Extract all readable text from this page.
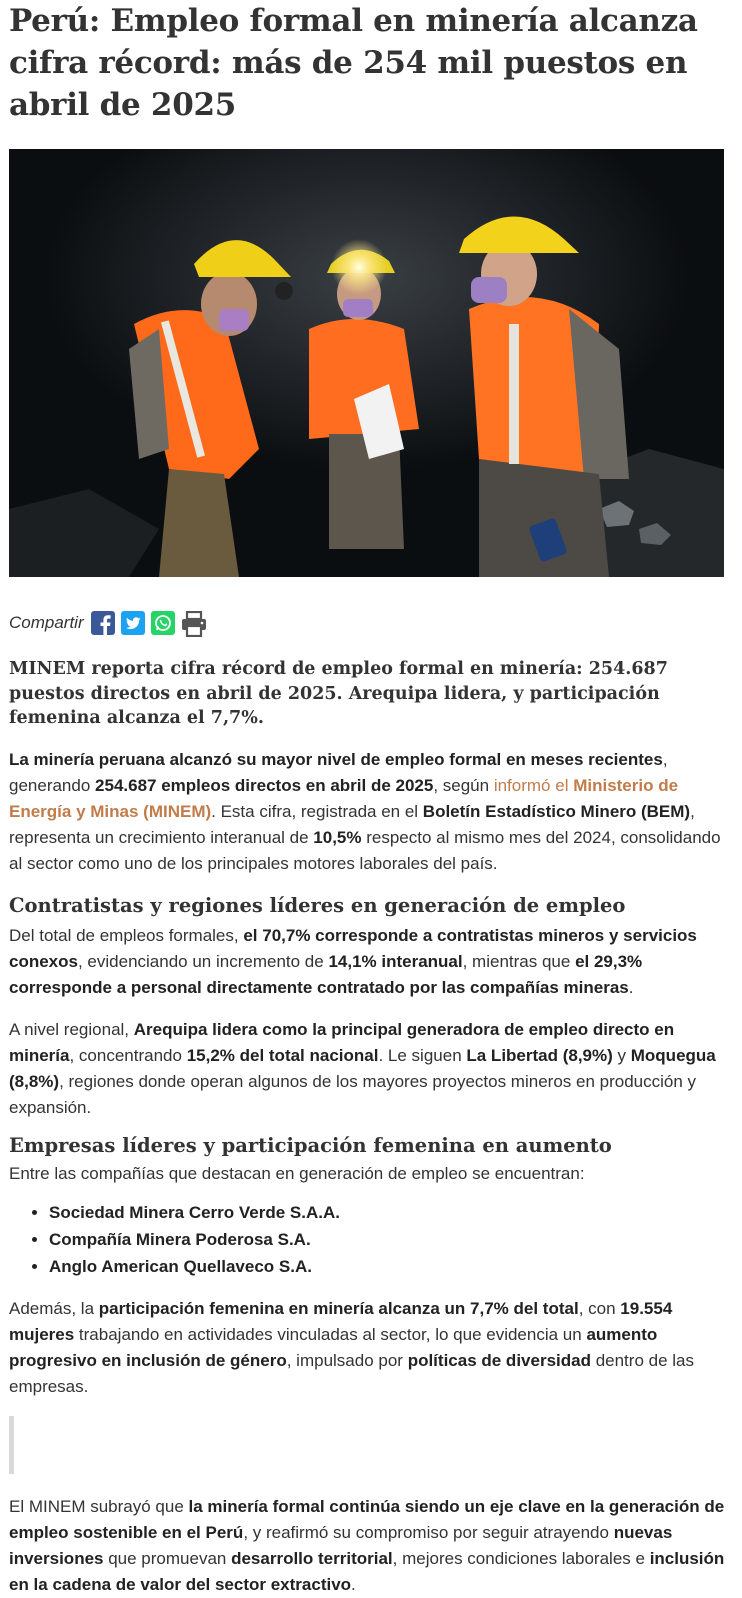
Perú: Empleo formal en minería alcanza cifra récord: más de 254 mil puestos en abril de 2025
Compartir

MINEM reporta cifra récord de empleo formal en minería: 254.687 puestos directos en abril de 2025. Arequipa lidera, y participación femenina alcanza el 7,7%.

La minería peruana alcanzó su mayor nivel de empleo formal en meses recientes, generando 254.687 empleos directos en abril de 2025, según informó el Ministerio de Energía y Minas (MINEM). Esta cifra, registrada en el Boletín Estadístico Minero (BEM), representa un crecimiento interanual de 10,5% respecto al mismo mes del 2024, consolidando al sector como uno de los principales motores laborales del país.

Contratistas y regiones líderes en generación de empleo

Del total de empleos formales, el 70,7% corresponde a contratistas mineros y servicios conexos, evidenciando un incremento de 14,1% interanual, mientras que el 29,3% corresponde a personal directamente contratado por las compañías mineras.

A nivel regional, Arequipa lidera como la principal generadora de empleo directo en minería, concentrando 15,2% del total nacional. Le siguen La Libertad (8,9%) y Moquegua (8,8%), regiones donde operan algunos de los mayores proyectos mineros en producción y expansión.

Empresas líderes y participación femenina en aumento

Entre las compañías que destacan en generación de empleo se encuentran:

• Sociedad Minera Cerro Verde S.A.A.
• Compañía Minera Poderosa S.A.
• Anglo American Quellaveco S.A.

Además, la participación femenina en minería alcanza un 7,7% del total, con 19.554 mujeres trabajando en actividades vinculadas al sector, lo que evidencia un aumento progresivo en inclusión de género, impulsado por políticas de diversidad dentro de las empresas.

El MINEM subrayó que la minería formal continúa siendo un eje clave en la generación de empleo sostenible en el Perú, y reafirmó su compromiso por seguir atrayendo nuevas inversiones que promuevan desarrollo territorial, mejores condiciones laborales e inclusión en la cadena de valor del sector extractivo.
